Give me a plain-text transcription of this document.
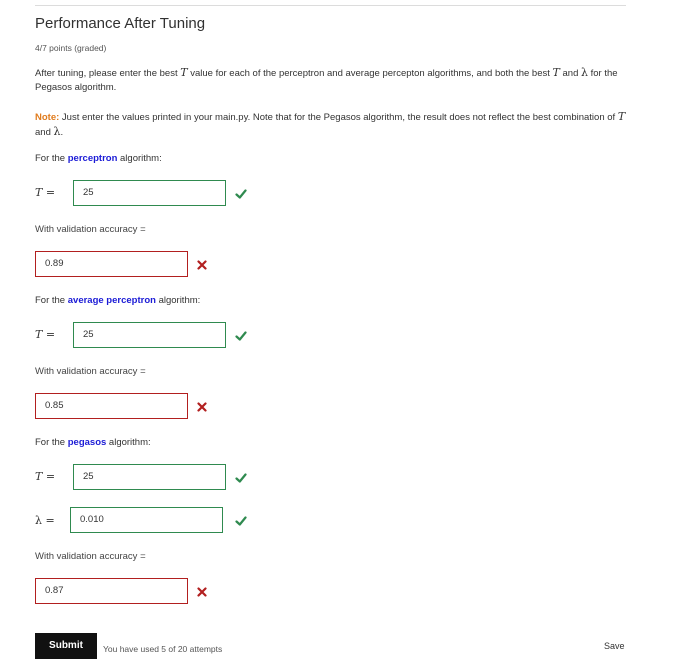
Performance After Tuning
4/7 points (graded)
After tuning, please enter the best T value for each of the perceptron and average percepton algorithms, and both the best T and λ for the Pegasos algorithm.
Note: Just enter the values printed in your main.py. Note that for the Pegasos algorithm, the result does not reflect the best combination of T and λ.
For the perceptron algorithm:
T =	25
With validation accuracy =
0.89
For the average perceptron algorithm:
T =	25
With validation accuracy =
0.85
For the pegasos algorithm:
T =	25
λ =	0.010
With validation accuracy =
0.87
Submit	You have used 5 of 20 attempts	Save
